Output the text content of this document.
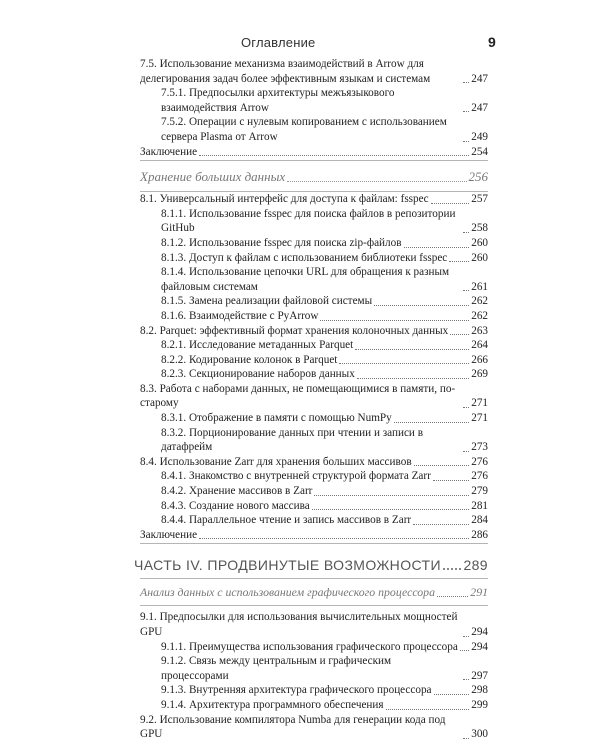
Оглавление	9
7.5. Использование механизма взаимодействий в Arrow для делегирования задач более эффективным языкам и системам	247
7.5.1. Предпосылки архитектуры межъязыкового взаимодействия Arrow	247
7.5.2. Операции с нулевым копированием с использованием сервера Plasma от Arrow	249
Заключение	254
Хранение больших данных	256
8.1. Универсальный интерфейс для доступа к файлам: fsspec	257
8.1.1. Использование fsspec для поиска файлов в репозитории GitHub	258
8.1.2. Использование fsspec для поиска zip-файлов	260
8.1.3. Доступ к файлам с использованием библиотеки fsspec 260
8.1.4. Использование цепочки URL для обращения к разным файловым системам	261
8.1.5. Замена реализации файловой системы	262
8.1.6. Взаимодействие с PyArrow	262
8.2. Parquet: эффективный формат хранения колоночных данных 263
8.2.1. Исследование метаданных Parquet	264
8.2.2. Кодирование колонок в Parquet	266
8.2.3. Секционирование наборов данных	269
8.3. Работа с наборами данных, не помещающимися в памяти, по-старому	271
8.3.1. Отображение в памяти с помощью NumPy	271
8.3.2. Порционирование данных при чтении и записи в датафрейм	273
8.4. Использование Zarr для хранения больших массивов	276
8.4.1. Знакомство с внутренней структурой формата Zarr	276
8.4.2. Хранение массивов в Zarr	279
8.4.3. Создание нового массива	281
8.4.4. Параллельное чтение и запись массивов в Zarr	284
Заключение	286
ЧАСТЬ IV. ПРОДВИНУТЫЕ ВОЗМОЖНОСТИ 289
Анализ данных с использованием графического процессора	291
9.1. Предпосылки для использования вычислительных мощностей GPU	294
9.1.1. Преимущества использования графического процессора 294
9.1.2. Связь между центральным и графическим процессорами	297
9.1.3. Внутренняя архитектура графического процессора	298
9.1.4. Архитектура программного обеспечения	299
9.2. Использование компилятора Numba для генерации кода под GPU	300
